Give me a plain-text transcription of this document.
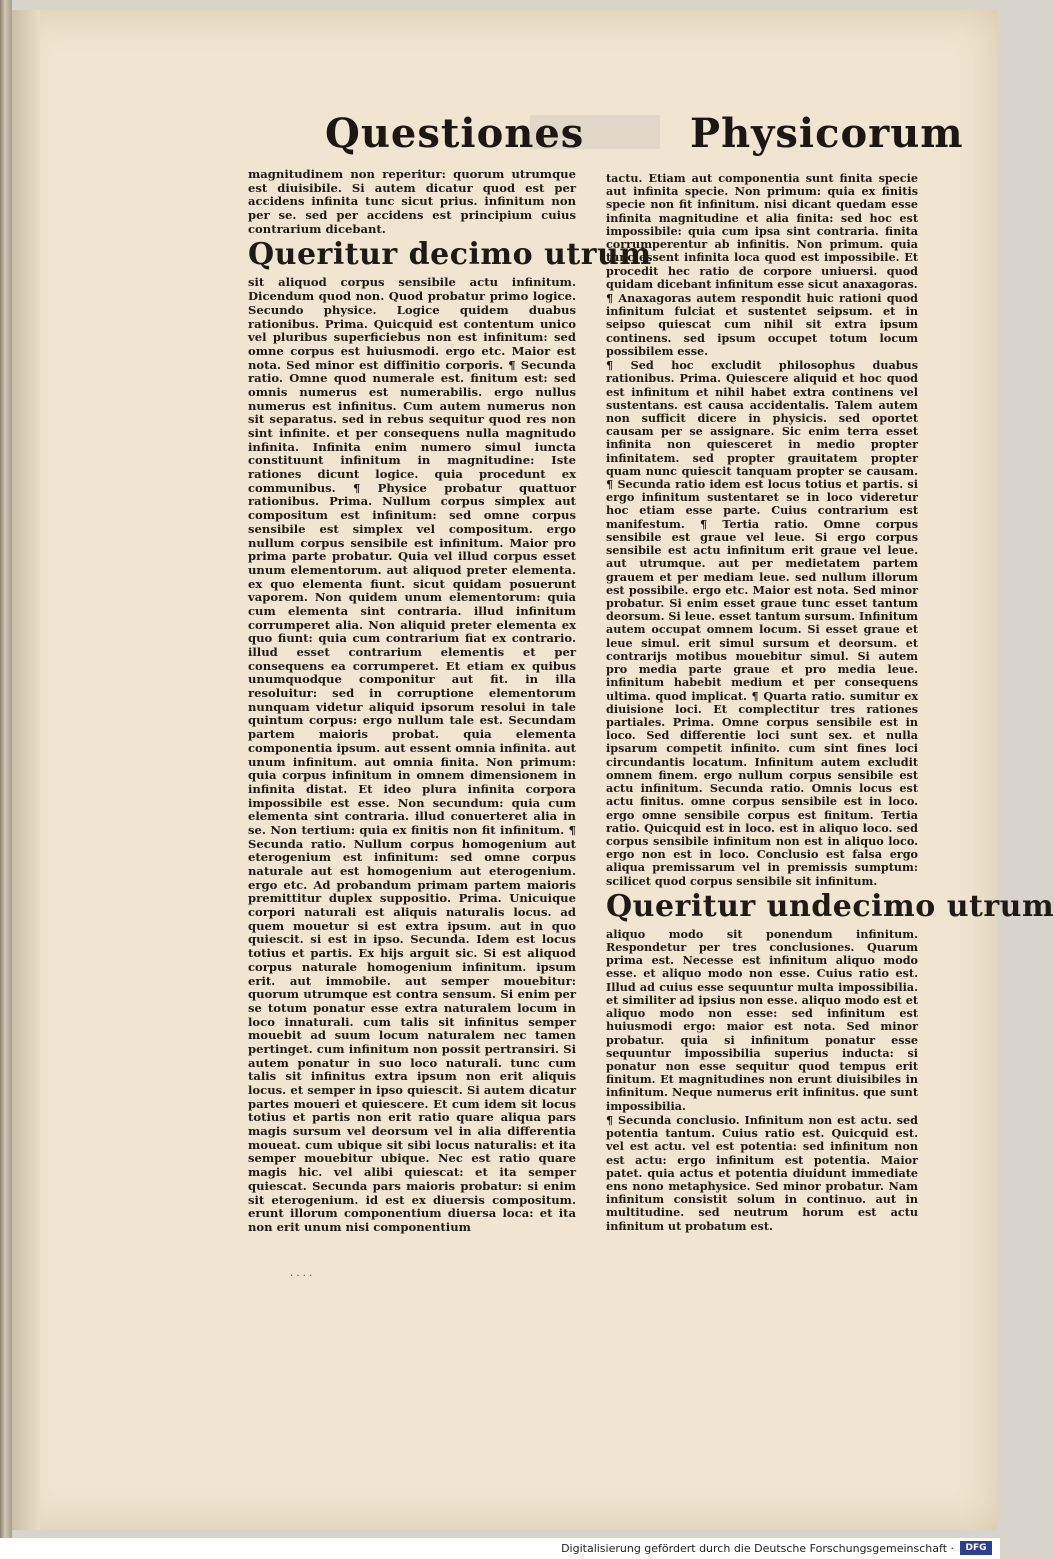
Questiones	Physicorum

magnitudinem non reperitur: quorum utrumque est diuisibile. Si autem dicatur quod est per accidens infinita tunc sicut prius. infinitum non per se. sed per accidens est principium cuius contrarium dicebant.

Queritur decimo utrum

sit aliquod corpus sensibile actu infinitum. Dicendum quod non. Quod probatur primo logice. Secundo physice. Logice quidem duabus rationibus. Prima. Quicquid est contentum unico vel pluribus superficiebus non est infinitum: sed omne corpus est huiusmodi. ergo etc. Maior est nota. Sed minor est diffinitio corporis. ¶ Secunda ratio. Omne quod numerale est. finitum est: sed omnis numerus est numerabilis. ergo nullus numerus est infinitus. Cum autem numerus non sit separatus. sed in rebus sequitur quod res non sint infinite. et per consequens nulla magnitudo infinita. Infinita enim numero simul iuncta constituunt infinitum in magnitudine: Iste rationes dicunt logice. quia procedunt ex communibus. ¶ Physice probatur quattuor rationibus. Prima. Nullum corpus simplex aut compositum est infinitum: sed omne corpus sensibile est simplex vel compositum. ergo nullum corpus sensibile est infinitum. Maior pro prima parte probatur. Quia vel illud corpus esset unum elementorum. aut aliquod preter elementa. ex quo elementa fiunt. sicut quidam posuerunt vaporem. Non quidem unum elementorum: quia cum elementa sint contraria. illud infinitum corrumperet alia. Non aliquid preter elementa ex quo fiunt: quia cum contrarium fiat ex contrario. illud esset contrarium elementis et per consequens ea corrumperet. Et etiam ex quibus unumquodque componitur aut fit. in illa resoluitur: sed in corruptione elementorum nunquam videtur aliquid ipsorum resolui in tale quintum corpus: ergo nullum tale est. Secundam partem maioris probat. quia elementa componentia ipsum. aut essent omnia infinita. aut unum infinitum. aut omnia finita. Non primum: quia corpus infinitum in omnem dimensionem in infinita distat. Et ideo plura infinita corpora impossibile est esse. Non secundum: quia cum elementa sint contraria. illud conuerteret alia in se. Non tertium: quia ex finitis non fit infinitum. ¶ Secunda ratio. Nullum corpus homogenium aut eterogenium est infinitum: sed omne corpus naturale aut est homogenium aut eterogenium. ergo etc. Ad probandum primam partem maioris premittitur duplex suppositio. Prima. Unicuique corpori naturali est aliquis naturalis locus. ad quem mouetur si est extra ipsum. aut in quo quiescit. si est in ipso. Secunda. Idem est locus totius et partis. Ex hijs arguit sic. Si est aliquod corpus naturale homogenium infinitum. ipsum erit. aut immobile. aut semper mouebitur: quorum utrumque est contra sensum. Si enim per se totum ponatur esse extra naturalem locum in loco innaturali. cum talis sit infinitus semper mouebit ad suum locum naturalem nec tamen pertinget. cum infinitum non possit pertransiri. Si autem ponatur in suo loco naturali. tunc cum talis sit infinitus extra ipsum non erit aliquis locus. et semper in ipso quiescit. Si autem dicatur partes moueri et quiescere. Et cum idem sit locus totius et partis non erit ratio quare aliqua pars magis sursum vel deorsum vel in alia differentia moueat. cum ubique sit sibi locus naturalis: et ita semper mouebitur ubique. Nec est ratio quare magis hic. vel alibi quiescat: et ita semper quiescat. Secunda pars maioris probatur: si enim sit eterogenium. id est ex diuersis compositum. erunt illorum componentium diuersa loca: et ita non erit unum nisi componentium

tactu. Etiam aut componentia sunt finita specie aut infinita specie. Non primum: quia ex finitis specie non fit infinitum. nisi dicant quedam esse infinita magnitudine et alia finita: sed hoc est impossibile: quia cum ipsa sint contraria. finita corrumperentur ab infinitis. Non primum. quia tunc essent infinita loca quod est impossibile. Et procedit hec ratio de corpore uniuersi. quod quidam dicebant infinitum esse sicut anaxagoras.

¶ Anaxagoras autem respondit huic rationi quod infinitum fulciat et sustentet seipsum. et in seipso quiescat cum nihil sit extra ipsum continens. sed ipsum occupet totum locum possibilem esse.

¶ Sed hoc excludit philosophus duabus rationibus. Prima. Quiescere aliquid et hoc quod est infinitum et nihil habet extra continens vel sustentans. est causa accidentalis. Talem autem non sufficit dicere in physicis. sed oportet causam per se assignare. Sic enim terra esset infinita non quiesceret in medio propter infinitatem. sed propter grauitatem propter quam nunc quiescit tanquam propter se causam. ¶ Secunda ratio idem est locus totius et partis. si ergo infinitum sustentaret se in loco videretur hoc etiam esse parte. Cuius contrarium est manifestum. ¶ Tertia ratio. Omne corpus sensibile est graue vel leue. Si ergo corpus sensibile est actu infinitum erit graue vel leue. aut utrumque. aut per medietatem partem grauem et per mediam leue. sed nullum illorum est possibile. ergo etc. Maior est nota. Sed minor probatur. Si enim esset graue tunc esset tantum deorsum. Si leue. esset tantum sursum. Infinitum autem occupat omnem locum. Si esset graue et leue simul. erit simul sursum et deorsum. et contrarijs motibus mouebitur simul. Si autem pro media parte graue et pro media leue. infinitum habebit medium et per consequens ultima. quod implicat. ¶ Quarta ratio. sumitur ex diuisione loci. Et complectitur tres rationes partiales. Prima. Omne corpus sensibile est in loco. Sed differentie loci sunt sex. et nulla ipsarum competit infinito. cum sint fines loci circundantis locatum. Infinitum autem excludit omnem finem. ergo nullum corpus sensibile est actu infinitum. Secunda ratio. Omnis locus est actu finitus. omne corpus sensibile est in loco. ergo omne sensibile corpus est finitum. Tertia ratio. Quicquid est in loco. est in aliquo loco. sed corpus sensibile infinitum non est in aliquo loco. ergo non est in loco. Conclusio est falsa ergo aliqua premissarum vel in premissis sumptum: scilicet quod corpus sensibile sit infinitum.

Queritur undecimo utrum

aliquo modo sit ponendum infinitum. Respondetur per tres conclusiones. Quarum prima est. Necesse est infinitum aliquo modo esse. et aliquo modo non esse. Cuius ratio est. Illud ad cuius esse sequuntur multa impossibilia. et similiter ad ipsius non esse. aliquo modo est et aliquo modo non esse: sed infinitum est huiusmodi ergo: maior est nota. Sed minor probatur. quia si infinitum ponatur esse sequuntur impossibilia superius inducta: si ponatur non esse sequitur quod tempus erit finitum. Et magnitudines non erunt diuisibiles in infinitum. Neque numerus erit infinitus. que sunt impossibilia.

¶ Secunda conclusio. Infinitum non est actu. sed potentia tantum. Cuius ratio est. Quicquid est. vel est actu. vel est potentia: sed infinitum non est actu: ergo infinitum est potentia. Maior patet. quia actus et potentia diuidunt immediate ens nono metaphysice. Sed minor probatur. Nam infinitum consistit solum in continuo. aut in multitudine. sed neutrum horum est actu infinitum ut probatum est.

· · · ·
Digitalisierung gefördert durch die Deutsche Forschungsgemeinschaft ·	DFG
